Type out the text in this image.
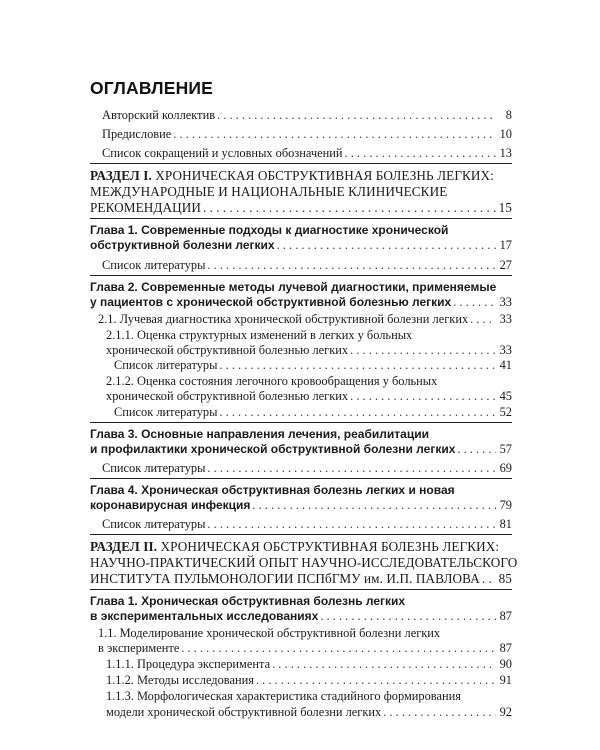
ОГЛАВЛЕНИЕ
Авторский коллектив . . .	8
Предисловие . . .	10
Список сокращений и условных обозначений . . .	13
РАЗДЕЛ I. ХРОНИЧЕСКАЯ ОБСТРУКТИВНАЯ БОЛЕЗНЬ ЛЕГКИХ:
МЕЖДУНАРОДНЫЕ И НАЦИОНАЛЬНЫЕ КЛИНИЧЕСКИЕ
РЕКОМЕНДАЦИИ . . .	15
Глава 1. Современные подходы к диагностике хронической
обструктивной болезни легких . . .	17
Список литературы . . .	27
Глава 2. Современные методы лучевой диагностики, применяемые
у пациентов с хронической обструктивной болезнью легких . . .	33
2.1. Лучевая диагностика хронической обструктивной болезни легких . . .	33
2.1.1. Оценка структурных изменений в легких у больных
хронической обструктивной болезнью легких . . .	33
Список литературы . . .	41
2.1.2. Оценка состояния легочного кровообращения у больных
хронической обструктивной болезнью легких . . .	45
Список литературы . . .	52
Глава 3. Основные направления лечения, реабилитации
и профилактики хронической обструктивной болезни легких . . .	57
Список литературы . . .	69
Глава 4. Хроническая обструктивная болезнь легких и новая
коронавирусная инфекция . . .	79
Список литературы . . .	81
РАЗДЕЛ II. ХРОНИЧЕСКАЯ ОБСТРУКТИВНАЯ БОЛЕЗНЬ ЛЕГКИХ:
НАУЧНО-ПРАКТИЧЕСКИЙ ОПЫТ НАУЧНО-ИССЛЕДОВАТЕЛЬСКОГО
ИНСТИТУТА ПУЛЬМОНОЛОГИИ ПСПбГМУ им. И.П. ПАВЛОВА . . . 85
Глава 1. Хроническая обструктивная болезнь легких
в экспериментальных исследованиях . . .	87
1.1. Моделирование хронической обструктивной болезни легких
в эксперименте . . .	87
1.1.1. Процедура эксперимента . . .	90
1.1.2. Методы исследования . . .	91
1.1.3. Морфологическая характеристика стадийного формирования
модели хронической обструктивной болезни легких . . .	92
